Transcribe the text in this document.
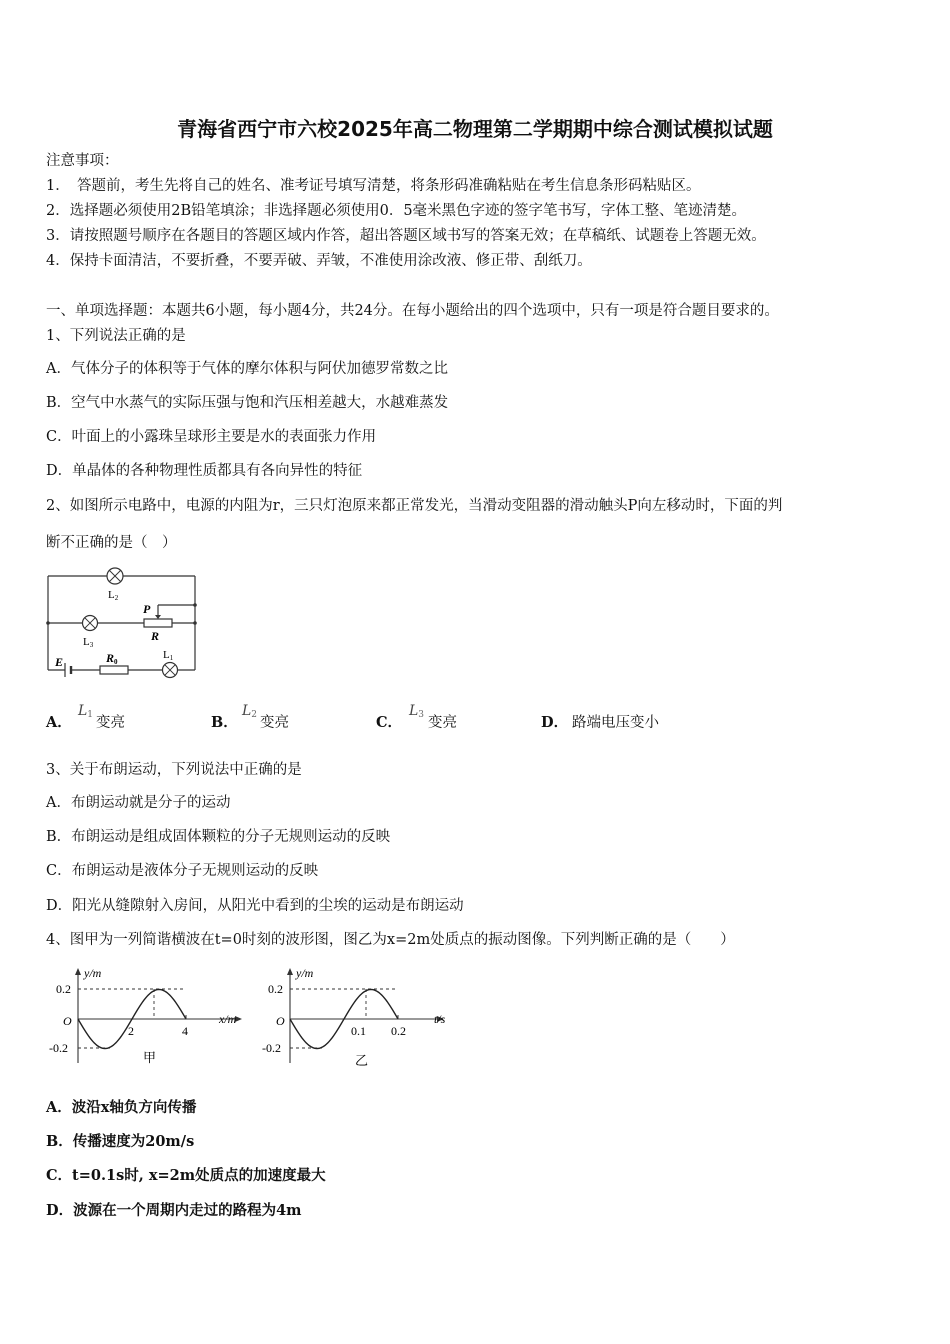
青海省西宁市六校2025年高二物理第二学期期中综合测试模拟试题
注意事项：
1．　答题前，考生先将自己的姓名、准考证号填写清楚，将条形码准确粘贴在考生信息条形码粘贴区。
2．选择题必须使用2B铅笔填涂；非选择题必须使用0．5毫米黑色字迹的签字笔书写，字体工整、笔迹清楚。
3．请按照题号顺序在各题目的答题区域内作答，超出答题区域书写的答案无效；在草稿纸、试题卷上答题无效。
4．保持卡面清洁，不要折叠，不要弄破、弄皱，不准使用涂改液、修正带、刮纸刀。
一、单项选择题：本题共6小题，每小题4分，共24分。在每小题给出的四个选项中，只有一项是符合题目要求的。
1、下列说法正确的是
A．气体分子的体积等于气体的摩尔体积与阿伏加德罗常数之比
B．空气中水蒸气的实际压强与饱和汽压相差越大，水越难蒸发
C．叶面上的小露珠呈球形主要是水的表面张力作用
D．单晶体的各种物理性质都具有各向异性的特征
2、如图所示电路中，电源的内阻为r，三只灯泡原来都正常发光，当滑动变阻器的滑动触头P向左移动时，下面的判
断不正确的是（　）
L2
L3
L1
P
R
E	R0
A．
$L_1$ 变亮	B．
$L_2$ 变亮	C．
$L_3$ 变亮	D． 路端电压变小
3、关于布朗运动，下列说法中正确的是
A．布朗运动就是分子的运动
B．布朗运动是组成固体颗粒的分子无规则运动的反映
C．布朗运动是液体分子无规则运动的反映
D．阳光从缝隙射入房间，从阳光中看到的尘埃的运动是布朗运动
4、图甲为一列简谐横波在t=0时刻的波形图，图乙为x=2m处质点的振动图像。下列判断正确的是（　　）
y/m
x/m
O
0.2
-0.2
2	4
甲
y/m
t/s
O
0.2
-0.2
0.1 0.2
乙
A．波沿x轴负方向传播
B．传播速度为20m/s
C．t=0.1s时, x=2m处质点的加速度最大
D．波源在一个周期内走过的路程为4m
